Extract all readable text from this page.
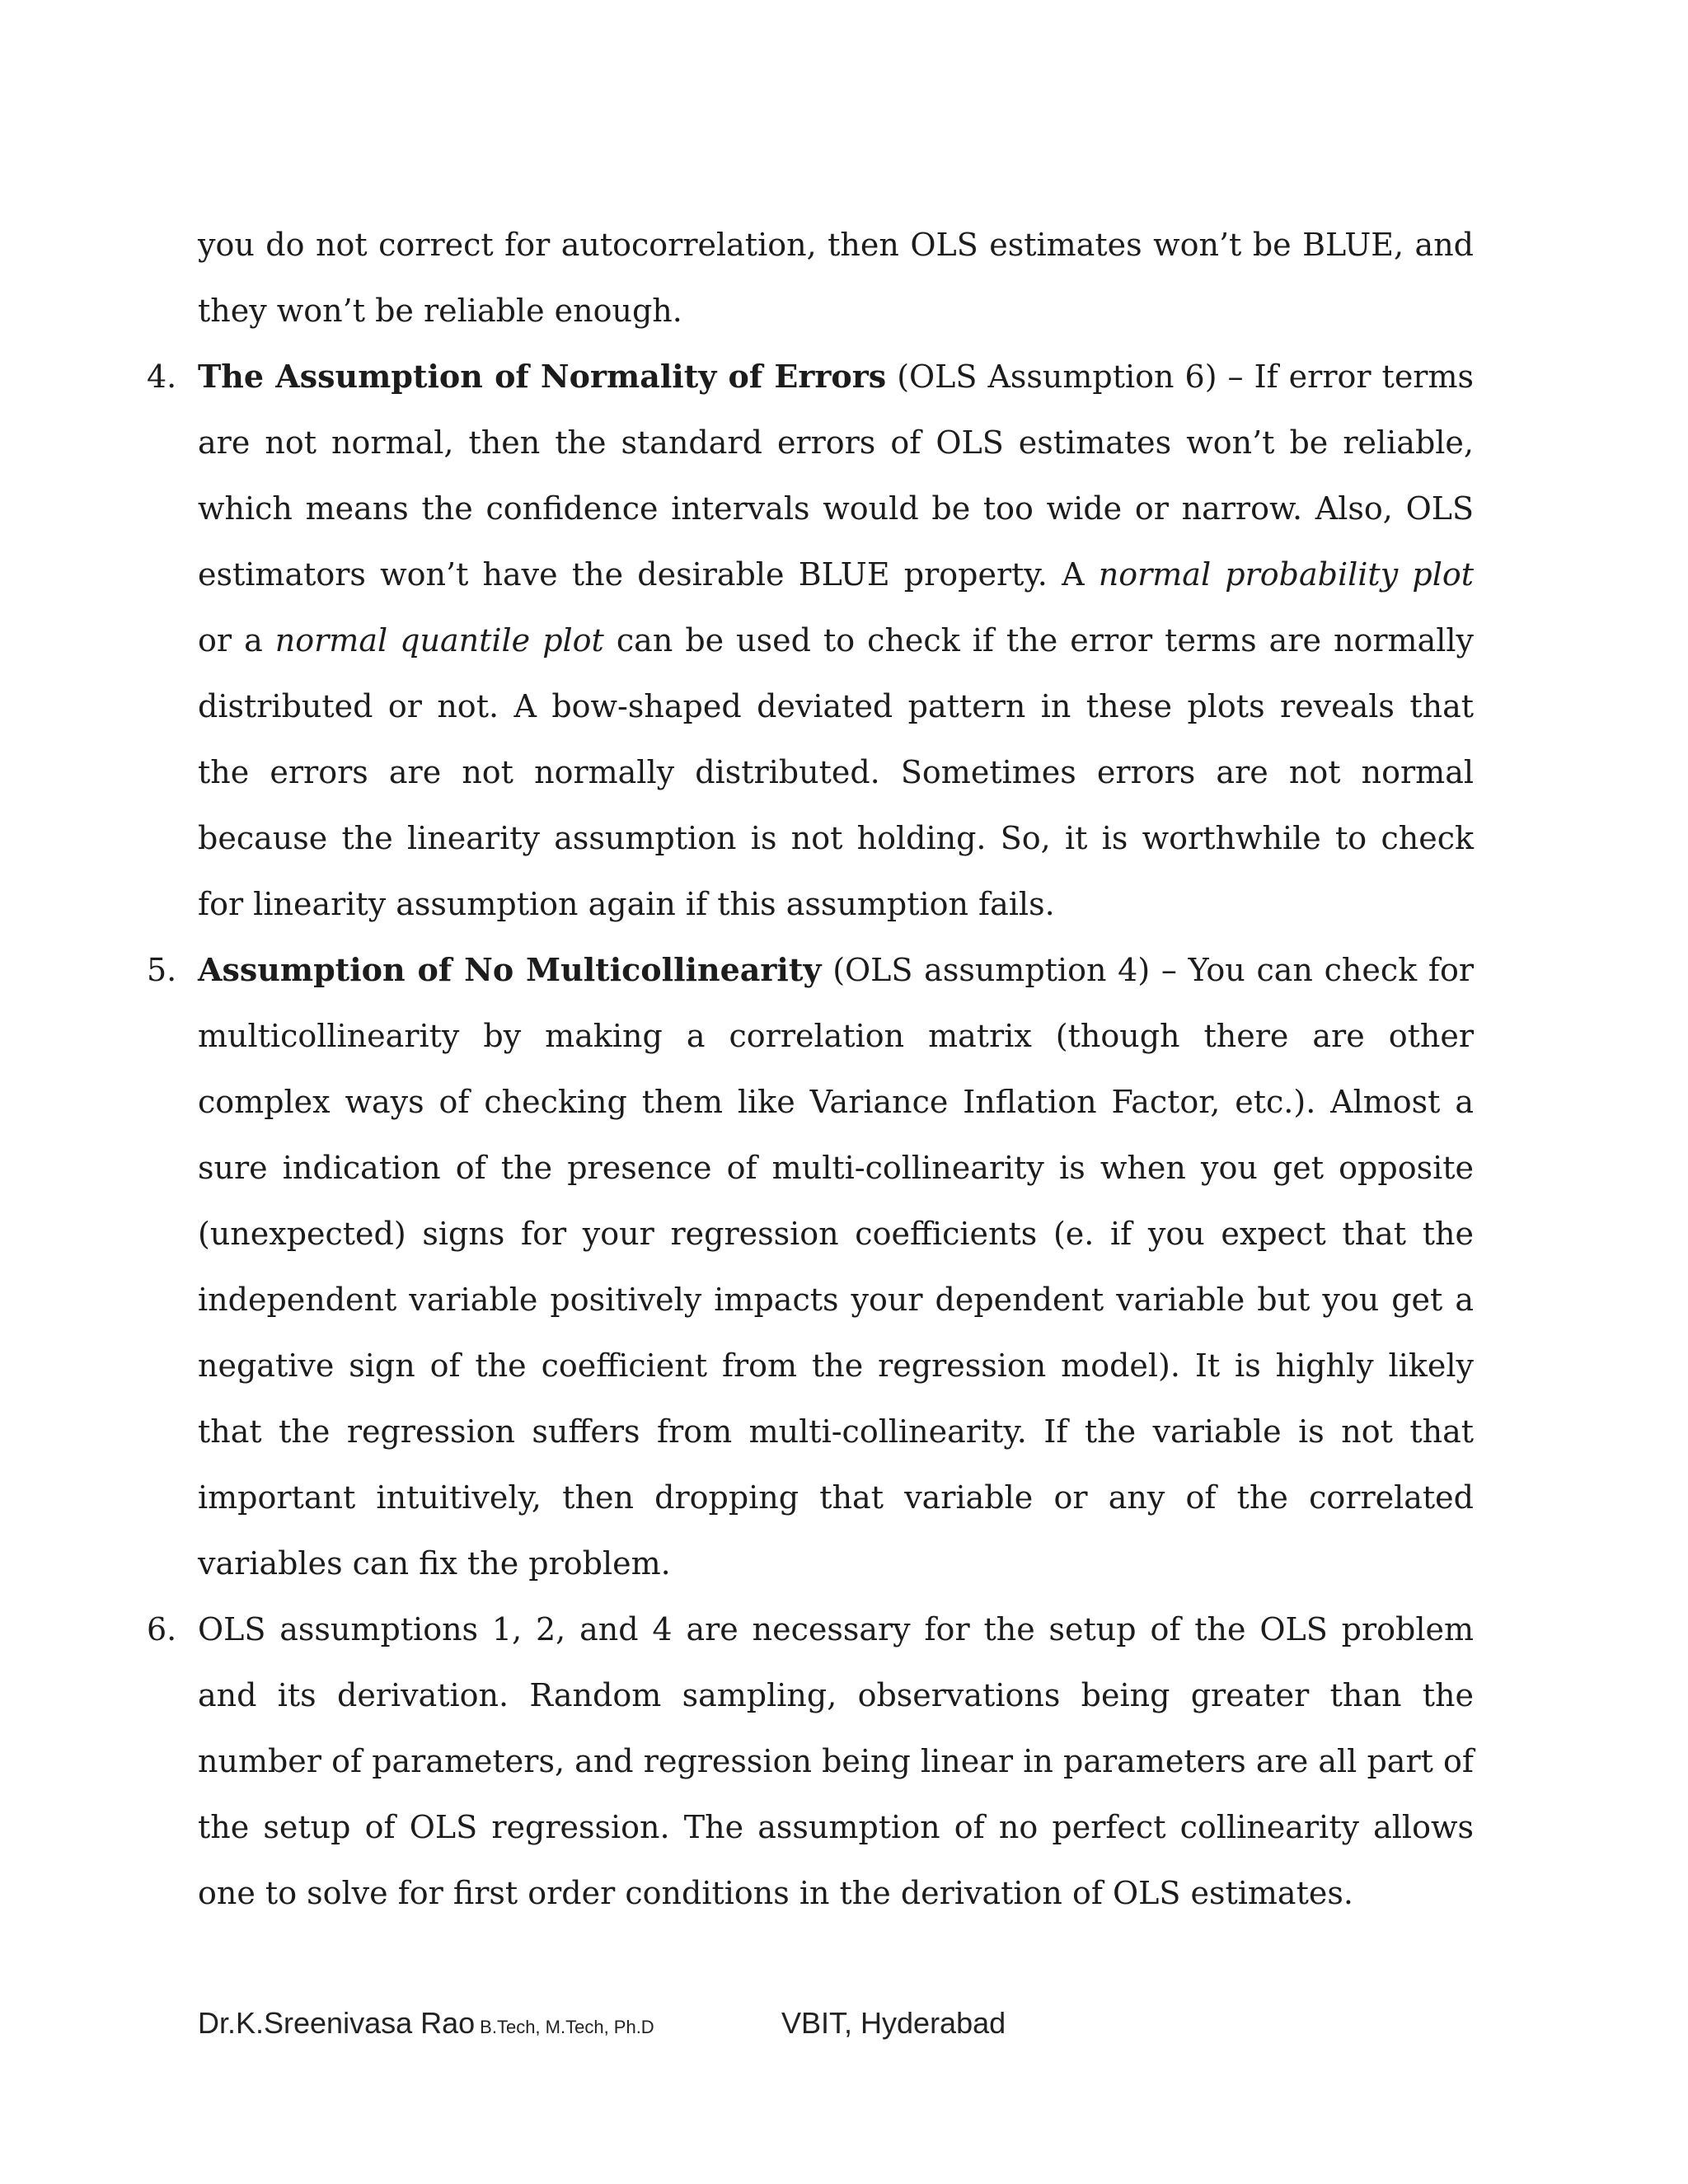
you do not correct for autocorrelation, then OLS estimates won’t be BLUE, and they won’t be reliable enough.
4. The Assumption of Normality of Errors (OLS Assumption 6) – If error terms are not normal, then the standard errors of OLS estimates won’t be reliable, which means the confidence intervals would be too wide or narrow. Also, OLS estimators won’t have the desirable BLUE property. A normal probability plot or a normal quantile plot can be used to check if the error terms are normally distributed or not. A bow-shaped deviated pattern in these plots reveals that the errors are not normally distributed. Sometimes errors are not normal because the linearity assumption is not holding. So, it is worthwhile to check for linearity assumption again if this assumption fails.
5. Assumption of No Multicollinearity (OLS assumption 4) – You can check for multicollinearity by making a correlation matrix (though there are other complex ways of checking them like Variance Inflation Factor, etc.). Almost a sure indication of the presence of multi-collinearity is when you get opposite (unexpected) signs for your regression coefficients (e. if you expect that the independent variable positively impacts your dependent variable but you get a negative sign of the coefficient from the regression model). It is highly likely that the regression suffers from multi-collinearity. If the variable is not that important intuitively, then dropping that variable or any of the correlated variables can fix the problem.
6. OLS assumptions 1, 2, and 4 are necessary for the setup of the OLS problem and its derivation. Random sampling, observations being greater than the number of parameters, and regression being linear in parameters are all part of the setup of OLS regression. The assumption of no perfect collinearity allows one to solve for first order conditions in the derivation of OLS estimates.
Dr.K.Sreenivasa Rao B.Tech, M.Tech, Ph.D	VBIT, Hyderabad
